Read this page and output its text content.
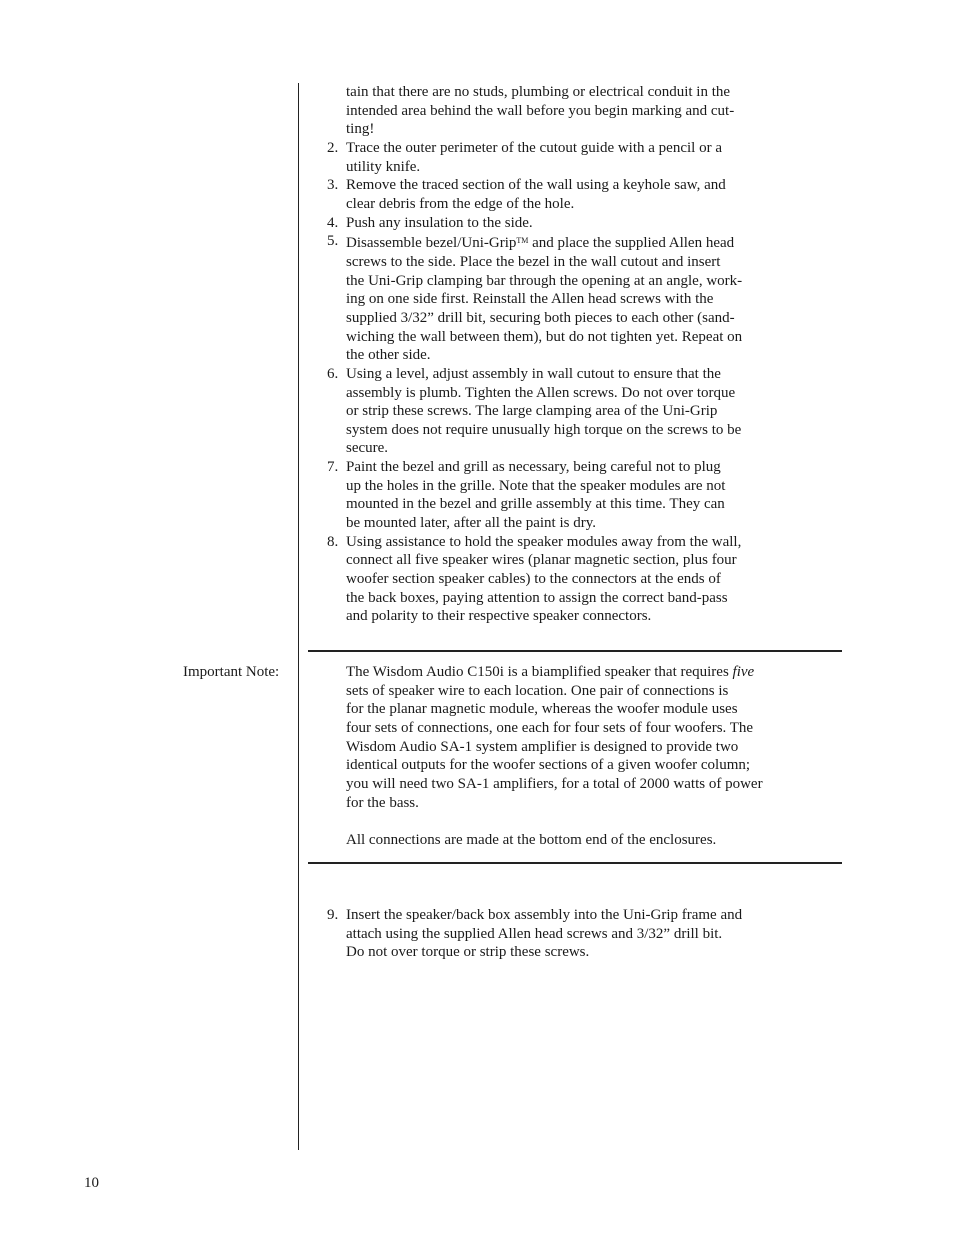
tain that there are no studs, plumbing or electrical conduit in the
intended area behind the wall before you begin marking and cut-
ting!
2. Trace the outer perimeter of the cutout guide with a pencil or a
utility knife.
3. Remove the traced section of the wall using a keyhole saw, and
clear debris from the edge of the hole.
4. Push any insulation to the side.
5. Disassemble bezel/Uni-Grip™ and place the supplied Allen head
screws to the side. Place the bezel in the wall cutout and insert
the Uni-Grip clamping bar through the opening at an angle, work-
ing on one side first. Reinstall the Allen head screws with the
supplied 3/32” drill bit, securing both pieces to each other (sand-
wiching the wall between them), but do not tighten yet. Repeat on
the other side.
6. Using a level, adjust assembly in wall cutout to ensure that the
assembly is plumb. Tighten the Allen screws. Do not over torque
or strip these screws. The large clamping area of the Uni-Grip
system does not require unusually high torque on the screws to be
secure.
7. Paint the bezel and grill as necessary, being careful not to plug
up the holes in the grille. Note that the speaker modules are not
mounted in the bezel and grille assembly at this time. They can
be mounted later, after all the paint is dry.
8. Using assistance to hold the speaker modules away from the wall,
connect all five speaker wires (planar magnetic section, plus four
woofer section speaker cables) to the connectors at the ends of
the back boxes, paying attention to assign the correct band-pass
and polarity to their respective speaker connectors.
Important Note:	The Wisdom Audio C150i is a biamplified speaker that requires five
sets of speaker wire to each location. One pair of connections is
for the planar magnetic module, whereas the woofer module uses
four sets of connections, one each for four sets of four woofers. The
Wisdom Audio SA-1 system amplifier is designed to provide two
identical outputs for the woofer sections of a given woofer column;
you will need two SA-1 amplifiers, for a total of 2000 watts of power
for the bass.
All connections are made at the bottom end of the enclosures.
9. Insert the speaker/back box assembly into the Uni-Grip frame and
attach using the supplied Allen head screws and 3/32” drill bit.
Do not over torque or strip these screws.
10
